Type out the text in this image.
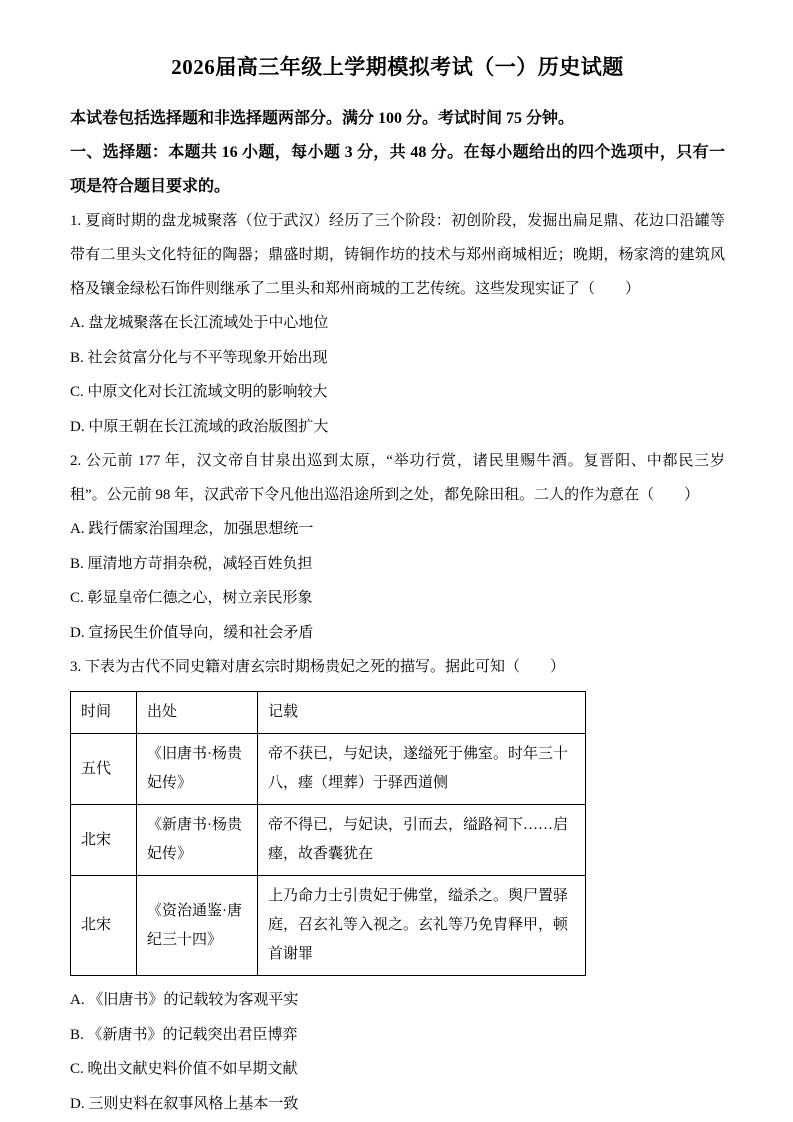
2026届高三年级上学期模拟考试（一）历史试题

本试卷包括选择题和非选择题两部分。满分 100 分。考试时间 75 分钟。

一、选择题：本题共 16 小题，每小题 3 分，共 48 分。在每小题给出的四个选项中，只有一项是符合题目要求的。

1. 夏商时期的盘龙城聚落（位于武汉）经历了三个阶段：初创阶段，发掘出扁足鼎、花边口沿罐等带有二里头文化特征的陶器；鼎盛时期，铸铜作坊的技术与郑州商城相近；晚期，杨家湾的建筑风格及镶金绿松石饰件则继承了二里头和郑州商城的工艺传统。这些发现实证了（　　）

A. 盘龙城聚落在长江流域处于中心地位

B. 社会贫富分化与不平等现象开始出现

C. 中原文化对长江流域文明的影响较大

D. 中原王朝在长江流域的政治版图扩大

2. 公元前 177 年，汉文帝自甘泉出巡到太原，“举功行赏，诸民里赐牛酒。复晋阳、中都民三岁租”。公元前 98 年，汉武帝下令凡他出巡沿途所到之处，都免除田租。二人的作为意在（　　）

A. 践行儒家治国理念，加强思想统一

B. 厘清地方苛捐杂税，减轻百姓负担

C. 彰显皇帝仁德之心，树立亲民形象

D. 宣扬民生价值导向，缓和社会矛盾

3. 下表为古代不同史籍对唐玄宗时期杨贵妃之死的描写。据此可知（　　）

时间	出处	记载
五代	《旧唐书·杨贵妃传》	帝不获已，与妃诀，遂缢死于佛室。时年三十八，瘗（埋葬）于驿西道侧
北宋	《新唐书·杨贵妃传》	帝不得已，与妃诀，引而去，缢路祠下……启瘗，故香囊犹在
北宋	《资治通鉴·唐纪三十四》	上乃命力士引贵妃于佛堂，缢杀之。舆尸置驿庭，召玄礼等入视之。玄礼等乃免胄释甲，顿首谢罪

A. 《旧唐书》的记载较为客观平实

B. 《新唐书》的记载突出君臣博弈

C. 晚出文献史料价值不如早期文献

D. 三则史料在叙事风格上基本一致
